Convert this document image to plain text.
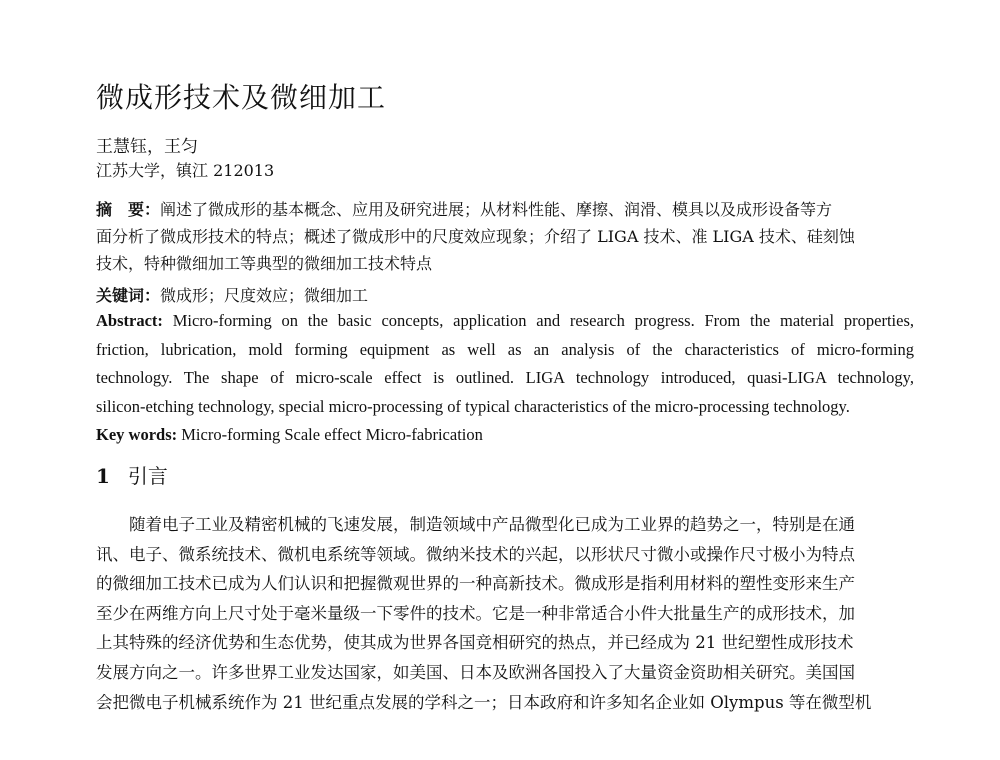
微成形技术及微细加工
王慧钰，王匀
江苏大学，镇江 212013
摘　要：阐述了微成形的基本概念、应用及研究进展；从材料性能、摩擦、润滑、模具以及成形设备等方
面分析了微成形技术的特点；概述了微成形中的尺度效应现象；介绍了 LIGA 技术、准 LIGA 技术、硅刻蚀
技术，特种微细加工等典型的微细加工技术特点
关键词：微成形；尺度效应；微细加工
Abstract: Micro-forming on the basic concepts, application and research progress. From the material properties,
friction, lubrication, mold forming equipment as well as an analysis of the characteristics of micro-forming
technology. The shape of micro-scale effect is outlined. LIGA technology introduced, quasi-LIGA technology,
silicon-etching technology, special micro-processing of typical characteristics of the micro-processing technology.
Key words: Micro-forming Scale effect Micro-fabrication
1 引言
随着电子工业及精密机械的飞速发展，制造领域中产品微型化已成为工业界的趋势之一，特别是在通
讯、电子、微系统技术、微机电系统等领域。微纳米技术的兴起，以形状尺寸微小或操作尺寸极小为特点
的微细加工技术已成为人们认识和把握微观世界的一种高新技术。微成形是指利用材料的塑性变形来生产
至少在两维方向上尺寸处于毫米量级一下零件的技术。它是一种非常适合小件大批量生产的成形技术，加
上其特殊的经济优势和生态优势，使其成为世界各国竞相研究的热点，并已经成为 21 世纪塑性成形技术
发展方向之一。许多世界工业发达国家，如美国、日本及欧洲各国投入了大量资金资助相关研究。美国国
会把微电子机械系统作为 21 世纪重点发展的学科之一；日本政府和许多知名企业如 Olympus 等在微型机
